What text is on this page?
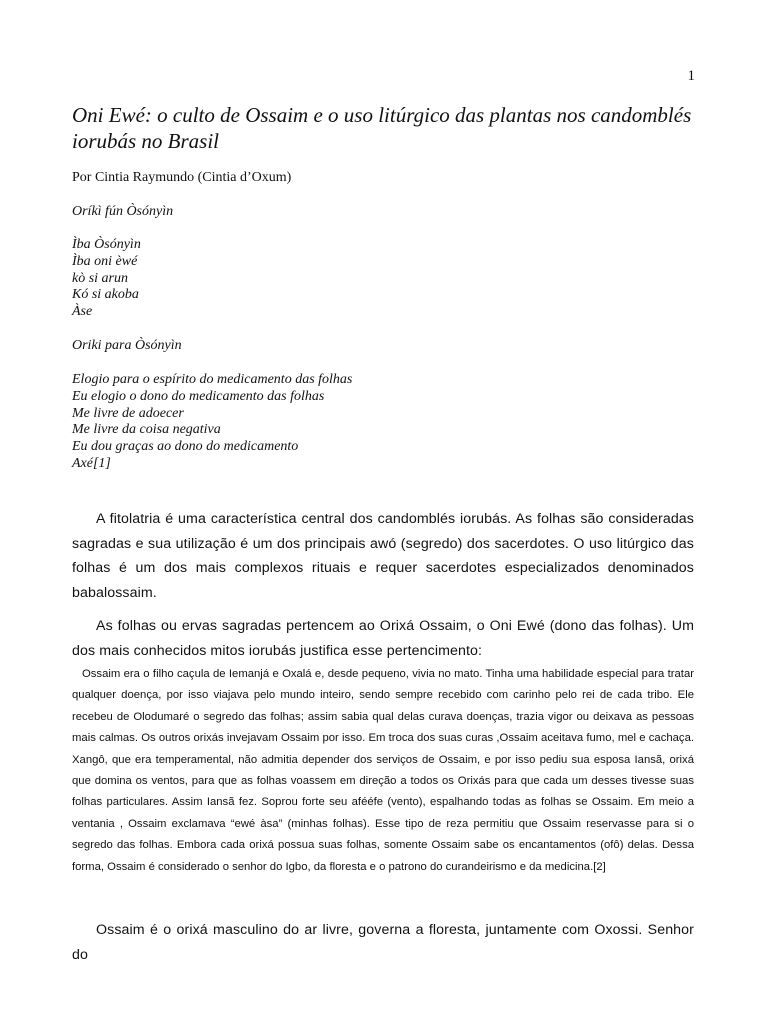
1
Oni Ewé: o culto de Ossaim e o uso litúrgico das plantas nos candomblés iorubás no Brasil
Por Cintia Raymundo (Cintia d’Oxum)
Oríkì fún Òsónyìn
Ìba Òsónyìn
Ìba oni èwé
kò si arun
Kó si akoba
Àse
Oriki para Òsónyìn
Elogio para o espírito do medicamento das folhas
Eu elogio o dono do medicamento das folhas
Me livre de adoecer
Me livre da coisa negativa
Eu dou graças ao dono do medicamento
Axé[1]

A fitolatria é uma característica central dos candomblés iorubás. As folhas são consideradas sagradas e sua utilização é um dos principais awó (segredo) dos sacerdotes. O uso litúrgico das folhas é um dos mais complexos rituais e requer sacerdotes especializados denominados babalossaim.

As folhas ou ervas sagradas pertencem ao Orixá Ossaim, o Oni Ewé (dono das folhas). Um dos mais conhecidos mitos iorubás justifica esse pertencimento:

Ossaim era o filho caçula de Iemanjá e Oxalá e, desde pequeno, vivia no mato. Tinha uma habilidade especial para tratar qualquer doença, por isso viajava pelo mundo inteiro, sendo sempre recebido com carinho pelo rei de cada tribo. Ele recebeu de Olodumaré o segredo das folhas; assim sabia qual delas curava doenças, trazia vigor ou deixava as pessoas mais calmas. Os outros orixás invejavam Ossaim por isso. Em troca dos suas curas ,Ossaim aceitava fumo, mel e cachaça. Xangô, que era temperamental, não admitia depender dos serviços de Ossaim, e por isso pediu sua esposa Iansã, orixá que domina os ventos, para que as folhas voassem em direção a todos os Orixás para que cada um desses tivesse suas folhas particulares. Assim Iansã fez. Soprou forte seu afééfe (vento), espalhando todas as folhas se Ossaim. Em meio a ventania , Ossaim exclamava “ewé àsa” (minhas folhas). Esse tipo de reza permitiu que Ossaim reservasse para si o segredo das folhas. Embora cada orixá possua suas folhas, somente Ossaim sabe os encantamentos (ofô) delas. Dessa forma, Ossaim é considerado o senhor do Igbo, da floresta e o patrono do curandeirismo e da medicina.[2]

Ossaim é o orixá masculino do ar livre, governa a floresta, juntamente com Oxossi. Senhor do
